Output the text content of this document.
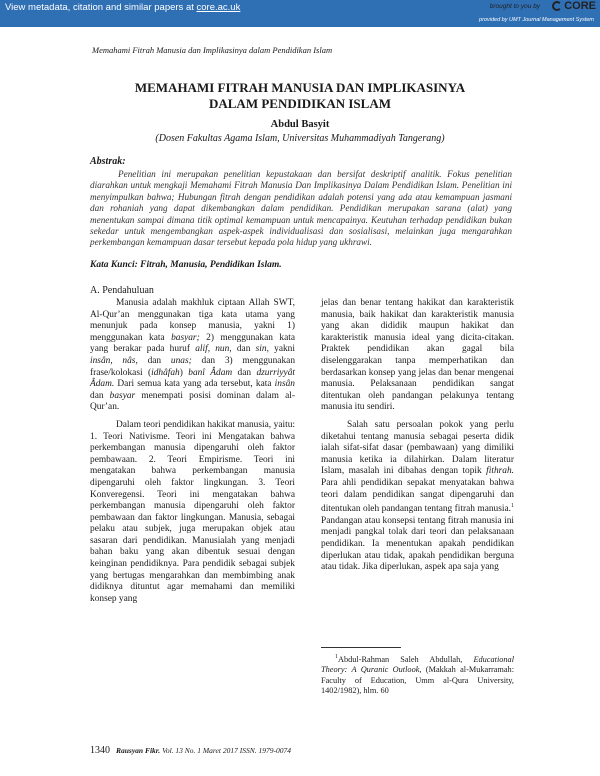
View metadata, citation and similar papers at core.ac.uk	brought to you by CORE
provided by UMT Journal Management System
Memahami Fitrah Manusia dan Implikasinya dalam Pendidikan Islam
MEMAHAMI FITRAH MANUSIA DAN IMPLIKASINYA
DALAM PENDIDIKAN ISLAM
Abdul Basyit
(Dosen Fakultas Agama Islam, Universitas Muhammadiyah Tangerang)
Abstrak:
Penelitian ini merupakan penelitian kepustakaan dan bersifat deskriptif analitik. Fokus penelitian diarahkan untuk mengkaji Memahami Fitrah Manusia Dan Implikasinya Dalam Pendidikan Islam. Penelitian ini menyimpulkan bahwa; Hubungan fitrah dengan pendidikan adalah potensi yang ada atau kemampuan jasmani dan rohaniah yang dapat dikembangkan dalam pendidikan. Pendidikan merupakan sarana (alat) yang menentukan sampai dimana titik optimal kemampuan untuk mencapainya. Keutuhan terhadap pendidikan bukan sekedar untuk mengembangkan aspek-aspek individualisasi dan sosialisasi, melainkan juga mengarahkan perkembangan kemampuan dasar tersebut kepada pola hidup yang ukhrawi.
Kata Kunci: Fitrah, Manusia, Pendidikan Islam.
A. Pendahuluan

Manusia adalah makhluk ciptaan Allah SWT, Al-Qur’an menggunakan tiga kata utama yang menunjuk pada konsep manusia, yakni 1) menggunakan kata basyar; 2) menggunakan kata yang berakar pada huruf alif, nun, dan sin, yakni insân, nâs, dan unas; dan 3) menggunakan frase/kolokasi (idhâfah) banî Âdam dan dzurriyyât Âdam. Dari semua kata yang ada tersebut, kata insân dan basyar menempati posisi dominan dalam al-Qur’an.

Dalam teori pendidikan hakikat manusia, yaitu: 1. Teori Nativisme. Teori ini Mengatakan bahwa perkembangan manusia dipengaruhi oleh faktor pembawaan. 2. Teori Empirisme. Teori ini mengatakan bahwa perkembangan manusia dipengaruhi oleh faktor lingkungan. 3. Teori Konveregensi. Teori ini mengatakan bahwa perkembangan manusia dipengaruhi oleh faktor pembawaan dan faktor lingkungan. Manusia, sebagai pelaku atau subjek, juga merupakan objek atau sasaran dari pendidikan. Manusialah yang menjadi bahan baku yang akan dibentuk sesuai dengan keinginan pendidiknya. Para pendidik sebagai subjek yang bertugas mengarahkan dan membimbing anak didiknya dituntut agar memahami dan memiliki konsep yang

jelas dan benar tentang hakikat dan karakteristik manusia, baik hakikat dan karakteristik manusia yang akan dididik maupun hakikat dan karakteristik manusia ideal yang dicita-citakan. Praktek pendidikan akan gagal bila diselenggarakan tanpa memperhatikan dan berdasarkan konsep yang jelas dan benar mengenai manusia. Pelaksanaan pendidikan sangat ditentukan oleh pandangan pelakunya tentang manusia itu sendiri.

Salah satu persoalan pokok yang perlu diketahui tentang manusia sebagai peserta didik ialah sifat-sifat dasar (pembawaan) yang dimiliki manusia ketika ia dilahirkan. Dalam literatur Islam, masalah ini dibahas dengan topik fithrah. Para ahli pendidikan sepakat menyatakan bahwa teori dalam pendidikan sangat dipengaruhi dan ditentukan oleh pandangan tentang fitrah manusia.$^1$ Pandangan atau konsepsi tentang fitrah manusia ini menjadi pangkal tolak dari teori dan pelaksanaan pendidikan. Ia menentukan apakah pendidikan diperlukan atau tidak, apakah pendidikan berguna atau tidak. Jika diperlukan, aspek apa saja yang

$^1$Abdul-Rahman Saleh Abdullah, Educational Theory: A Quranic Outlook, (Makkah al-Mukarramah: Faculty of Education, Umm al-Qura University, 1402/1982), hlm. 60
1340 Rausyan Fikr. Vol. 13 No. 1 Maret 2017 ISSN. 1979-0074
